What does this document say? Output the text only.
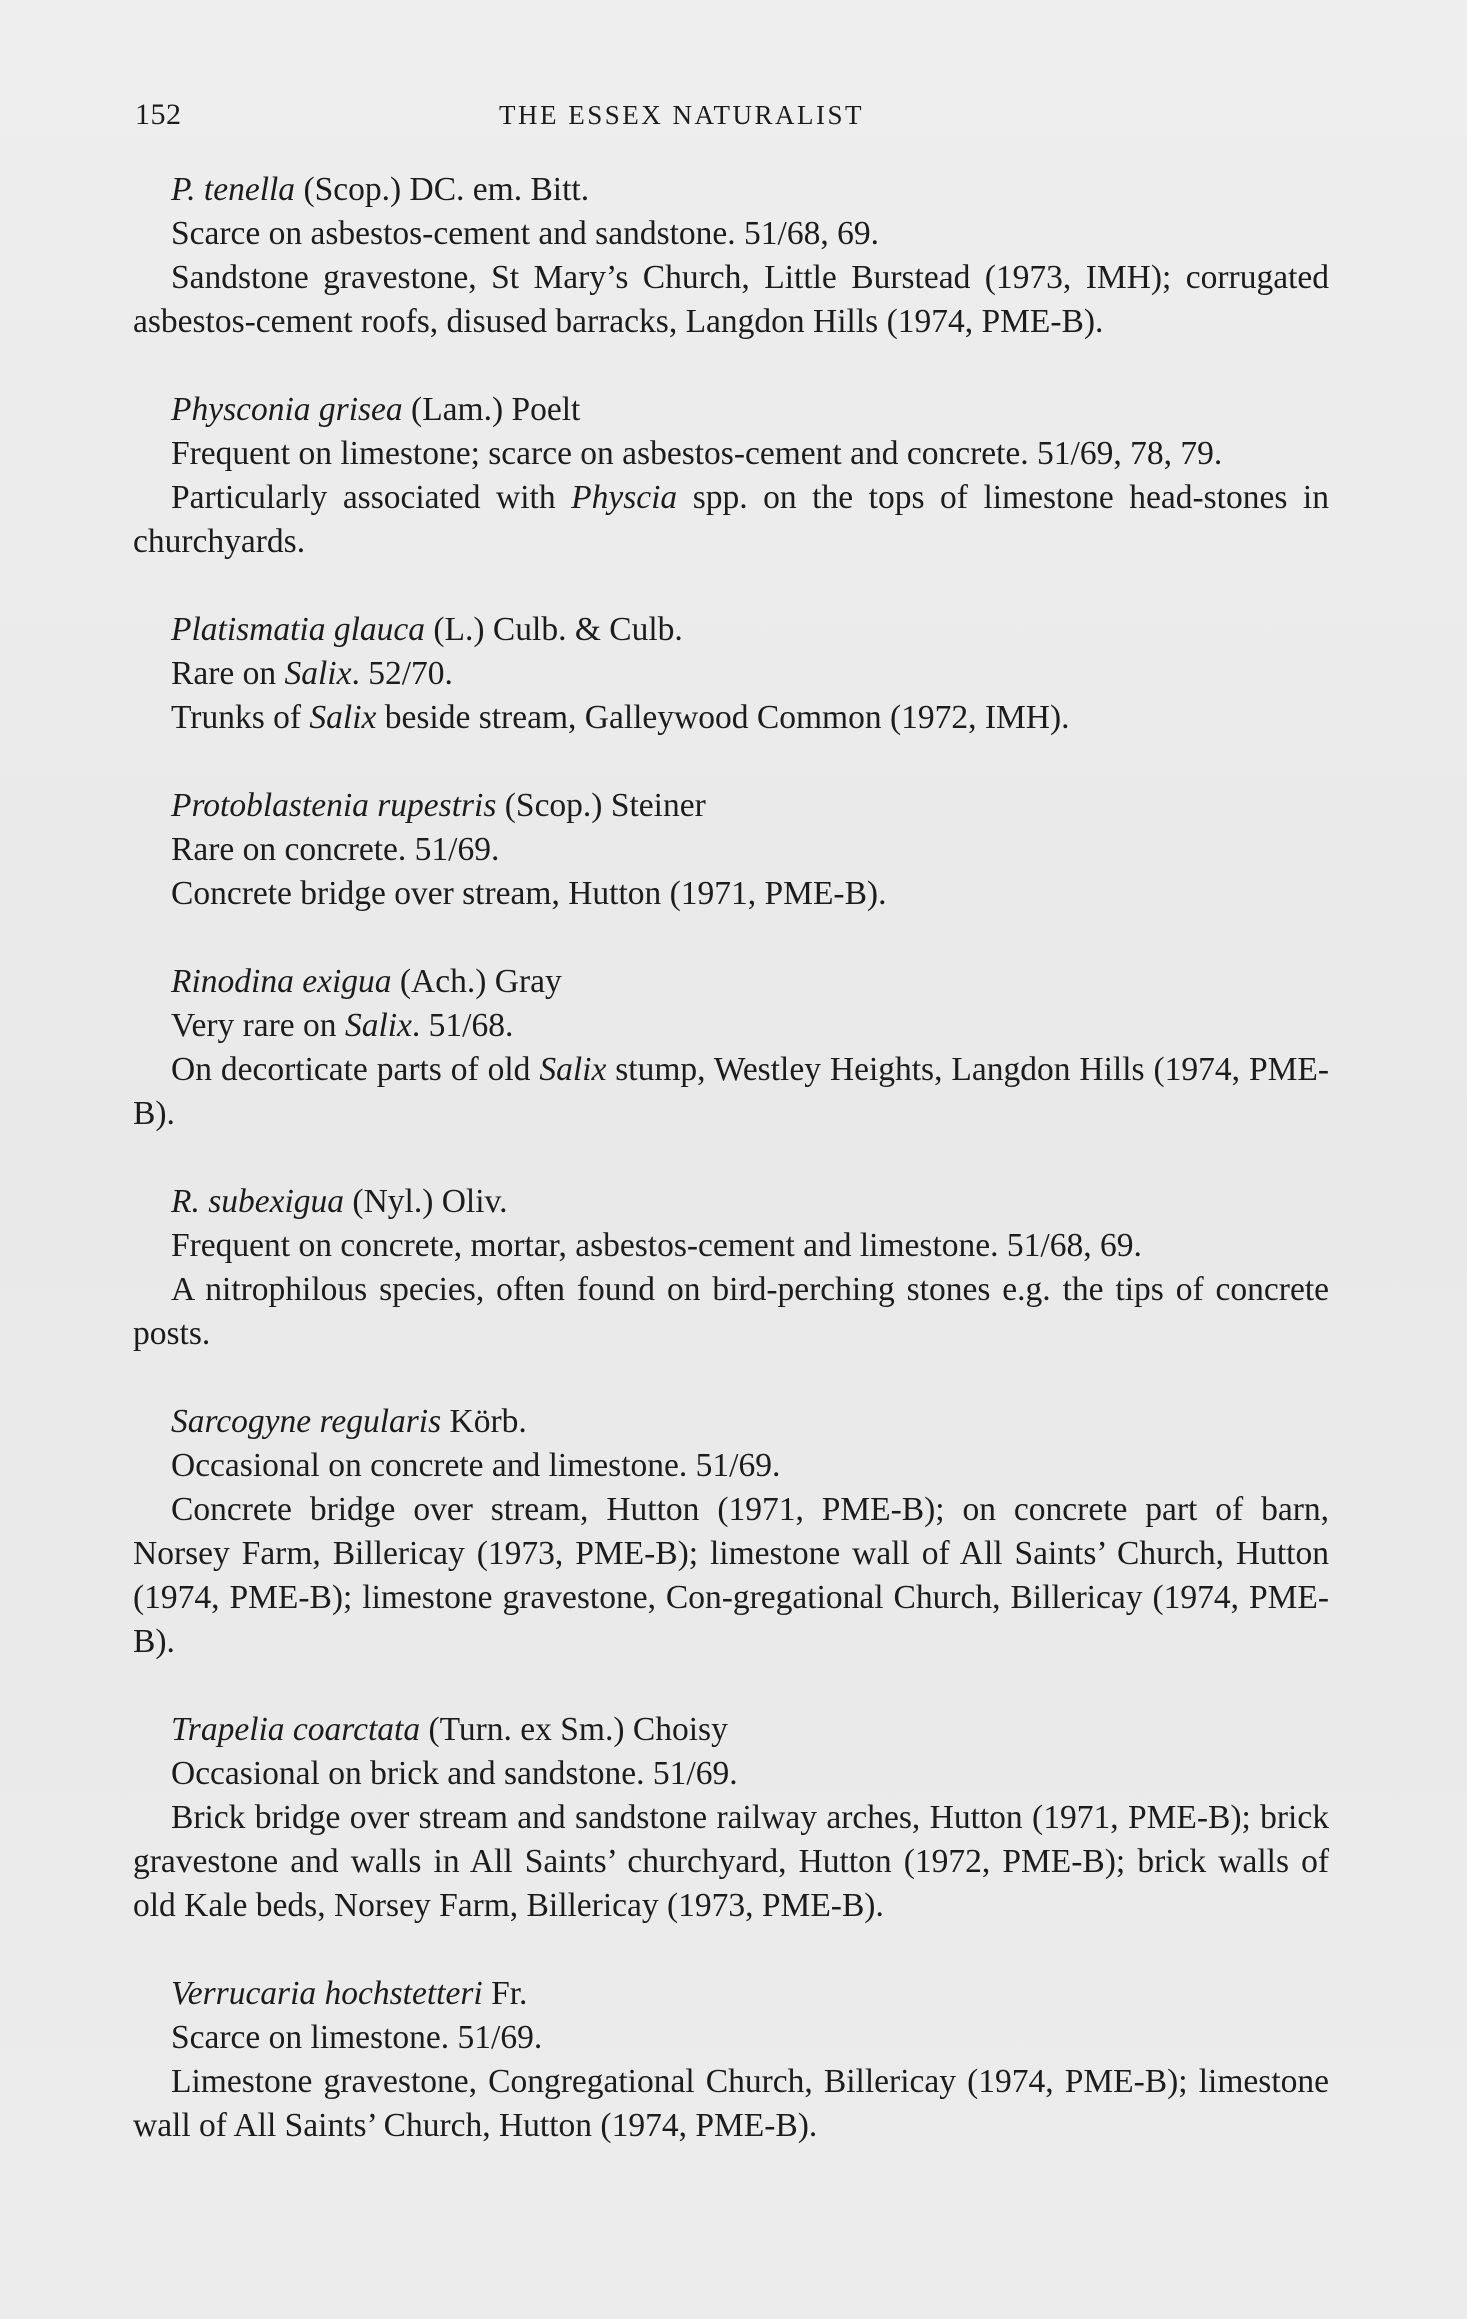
152	THE ESSEX NATURALIST

P. tenella (Scop.) DC. em. Bitt.

Scarce on asbestos-cement and sandstone. 51/68, 69.

Sandstone gravestone, St Mary’s Church, Little Burstead (1973, IMH); corrugated asbestos-cement roofs, disused barracks, Langdon Hills (1974, PME-B).

Physconia grisea (Lam.) Poelt

Frequent on limestone; scarce on asbestos-cement and concrete. 51/69, 78, 79.

Particularly associated with Physcia spp. on the tops of limestone head-stones in churchyards.

Platismatia glauca (L.) Culb. & Culb.

Rare on Salix. 52/70.

Trunks of Salix beside stream, Galleywood Common (1972, IMH).

Protoblastenia rupestris (Scop.) Steiner

Rare on concrete. 51/69.

Concrete bridge over stream, Hutton (1971, PME-B).

Rinodina exigua (Ach.) Gray

Very rare on Salix. 51/68.

On decorticate parts of old Salix stump, Westley Heights, Langdon Hills (1974, PME-B).

R. subexigua (Nyl.) Oliv.

Frequent on concrete, mortar, asbestos-cement and limestone. 51/68, 69.

A nitrophilous species, often found on bird-perching stones e.g. the tips of concrete posts.

Sarcogyne regularis Körb.

Occasional on concrete and limestone. 51/69.

Concrete bridge over stream, Hutton (1971, PME-B); on concrete part of barn, Norsey Farm, Billericay (1973, PME-B); limestone wall of All Saints’ Church, Hutton (1974, PME-B); limestone gravestone, Con-gregational Church, Billericay (1974, PME-B).

Trapelia coarctata (Turn. ex Sm.) Choisy

Occasional on brick and sandstone. 51/69.

Brick bridge over stream and sandstone railway arches, Hutton (1971, PME-B); brick gravestone and walls in All Saints’ churchyard, Hutton (1972, PME-B); brick walls of old Kale beds, Norsey Farm, Billericay (1973, PME-B).

Verrucaria hochstetteri Fr.

Scarce on limestone. 51/69.

Limestone gravestone, Congregational Church, Billericay (1974, PME-B); limestone wall of All Saints’ Church, Hutton (1974, PME-B).
